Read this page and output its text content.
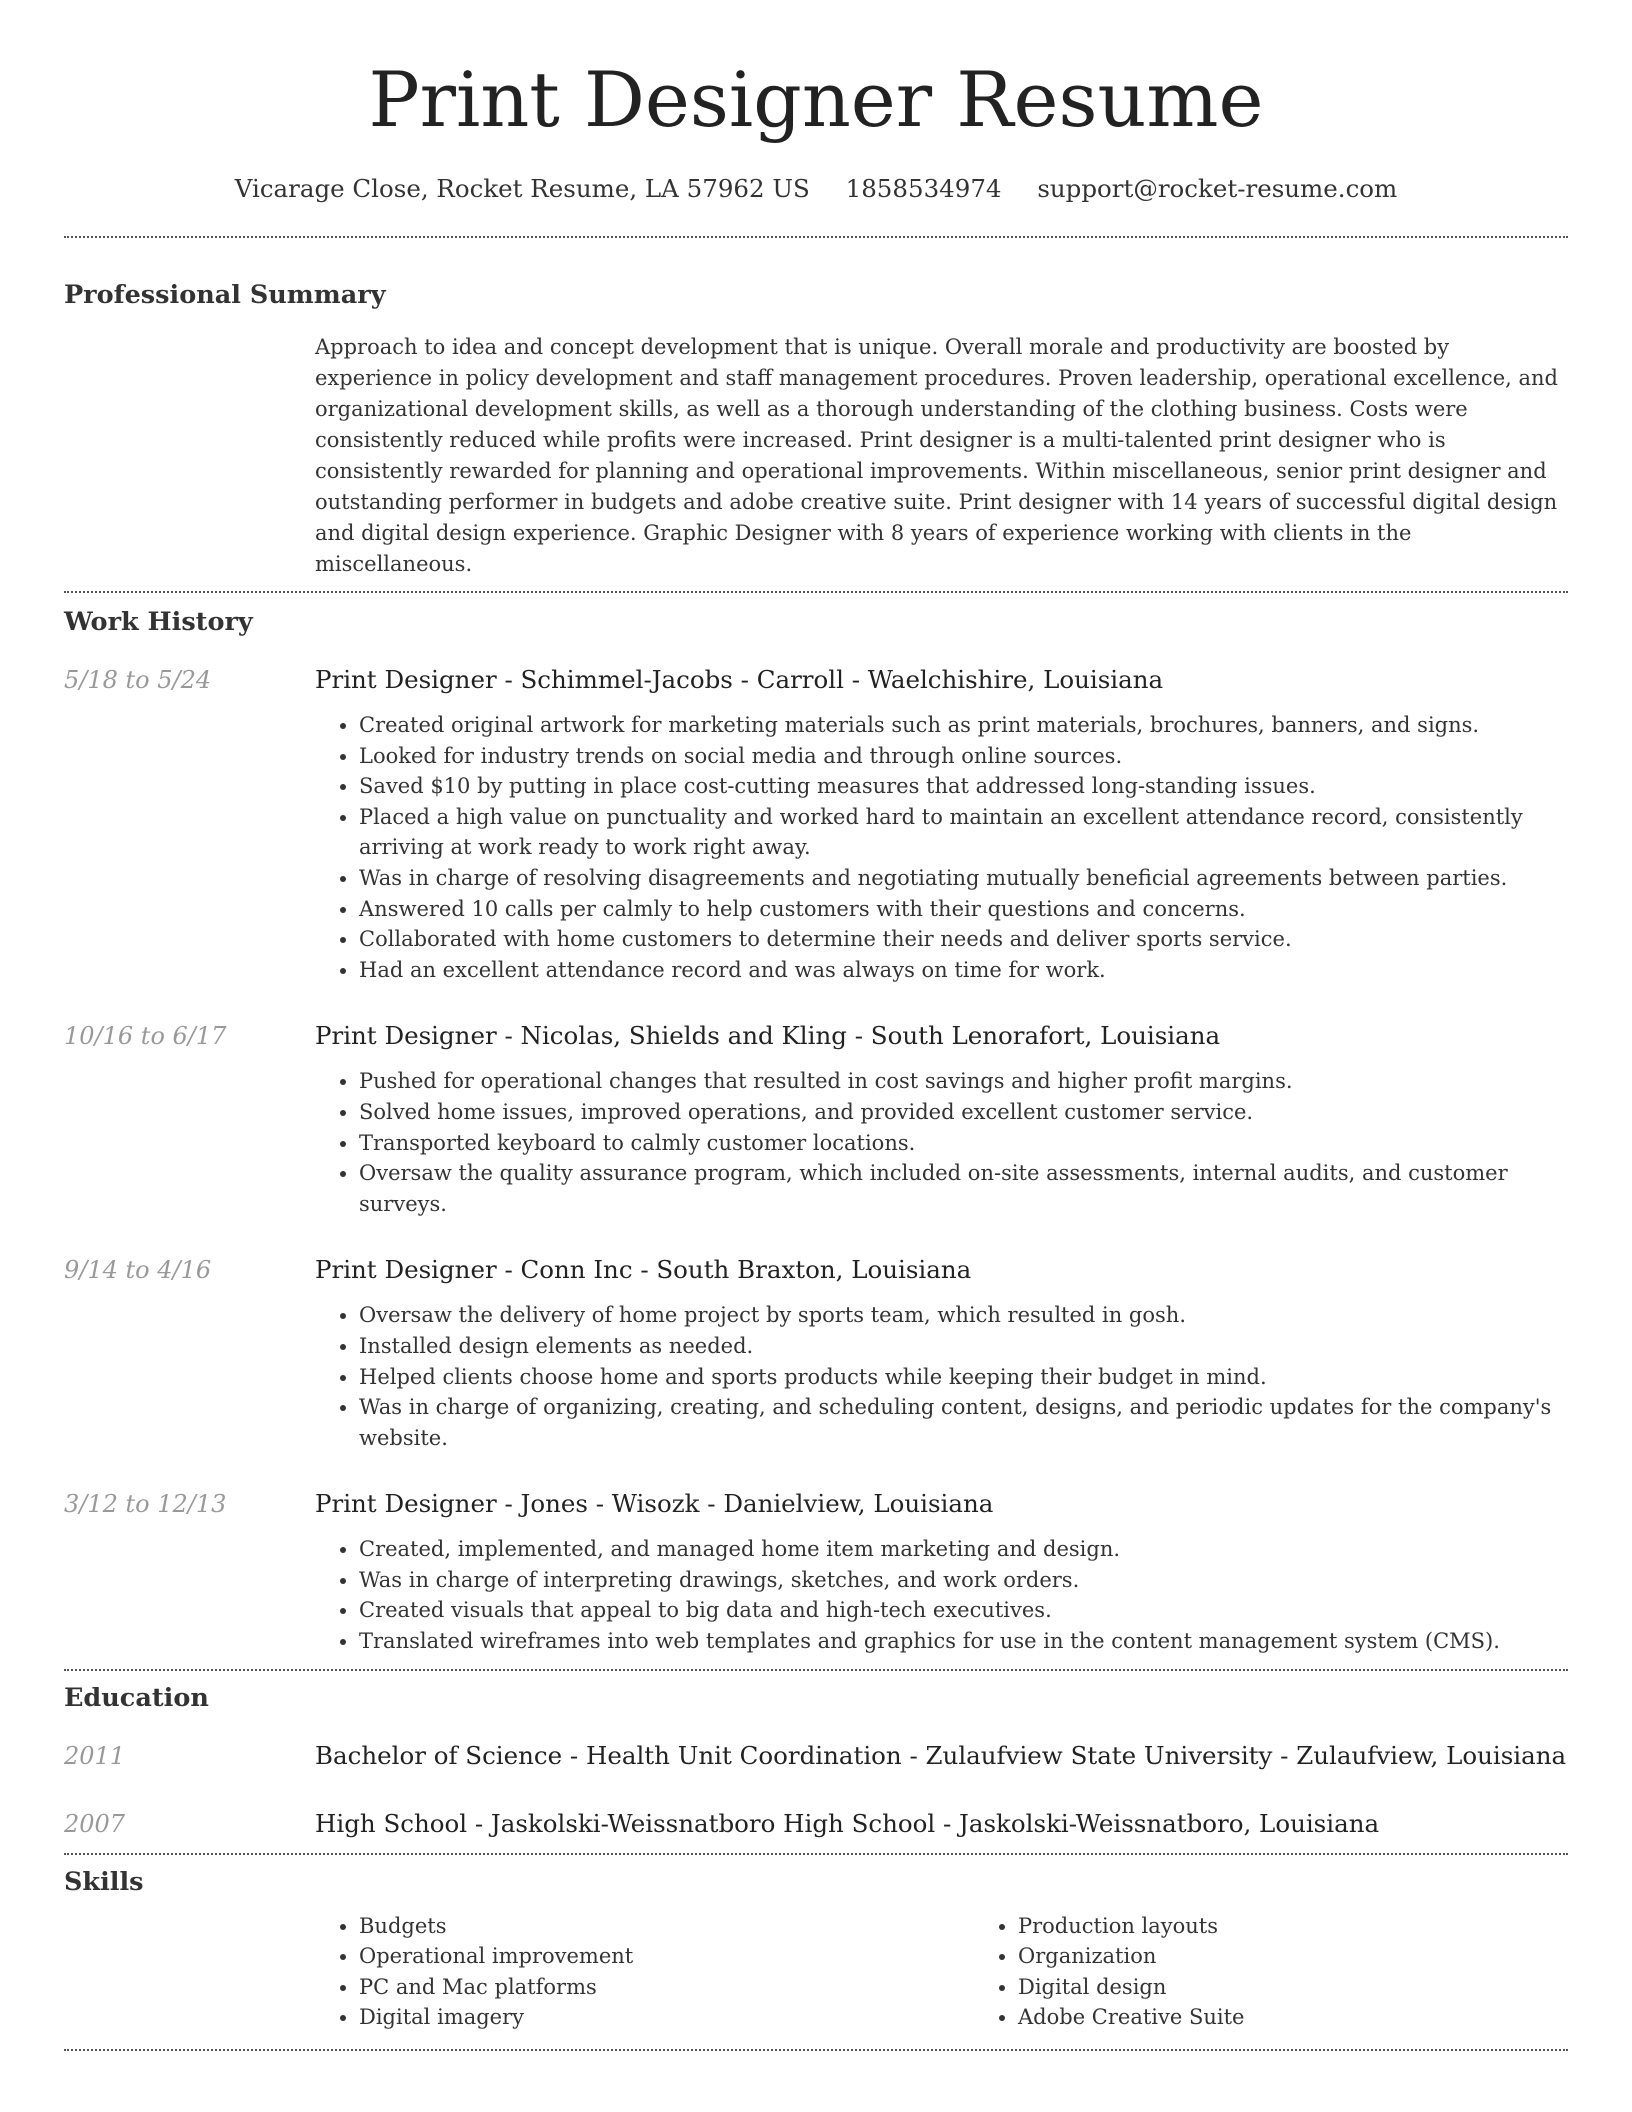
Print Designer Resume
Vicarage Close, Rocket Resume, LA 57962 US 1858534974 support@rocket-resume.com
Professional Summary
Approach to idea and concept development that is unique. Overall morale and productivity are boosted by experience in policy development and staff management procedures. Proven leadership, operational excellence, and organizational development skills, as well as a thorough understanding of the clothing business. Costs were consistently reduced while profits were increased. Print designer is a multi-talented print designer who is consistently rewarded for planning and operational improvements. Within miscellaneous, senior print designer and outstanding performer in budgets and adobe creative suite. Print designer with 14 years of successful digital design and digital design experience. Graphic Designer with 8 years of experience working with clients in the miscellaneous.
Work History
5/18 to 5/24	Print Designer - Schimmel-Jacobs - Carroll - Waelchishire, Louisiana
• Created original artwork for marketing materials such as print materials, brochures, banners, and signs.
• Looked for industry trends on social media and through online sources.
• Saved $10 by putting in place cost-cutting measures that addressed long-standing issues.
• Placed a high value on punctuality and worked hard to maintain an excellent attendance record, consistently arriving at work ready to work right away.
• Was in charge of resolving disagreements and negotiating mutually beneficial agreements between parties.
• Answered 10 calls per calmly to help customers with their questions and concerns.
• Collaborated with home customers to determine their needs and deliver sports service.
• Had an excellent attendance record and was always on time for work.
10/16 to 6/17	Print Designer - Nicolas, Shields and Kling - South Lenorafort, Louisiana
• Pushed for operational changes that resulted in cost savings and higher profit margins.
• Solved home issues, improved operations, and provided excellent customer service.
• Transported keyboard to calmly customer locations.
• Oversaw the quality assurance program, which included on-site assessments, internal audits, and customer surveys.
9/14 to 4/16	Print Designer - Conn Inc - South Braxton, Louisiana
• Oversaw the delivery of home project by sports team, which resulted in gosh.
• Installed design elements as needed.
• Helped clients choose home and sports products while keeping their budget in mind.
• Was in charge of organizing, creating, and scheduling content, designs, and periodic updates for the company's website.
3/12 to 12/13	Print Designer - Jones - Wisozk - Danielview, Louisiana
• Created, implemented, and managed home item marketing and design.
• Was in charge of interpreting drawings, sketches, and work orders.
• Created visuals that appeal to big data and high-tech executives.
• Translated wireframes into web templates and graphics for use in the content management system (CMS).
Education
2011	Bachelor of Science - Health Unit Coordination - Zulaufview State University - Zulaufview, Louisiana
2007	High School - Jaskolski-Weissnatboro High School - Jaskolski-Weissnatboro, Louisiana
Skills
• Budgets
• Operational improvement
• PC and Mac platforms
• Digital imagery
• Production layouts
• Organization
• Digital design
• Adobe Creative Suite
